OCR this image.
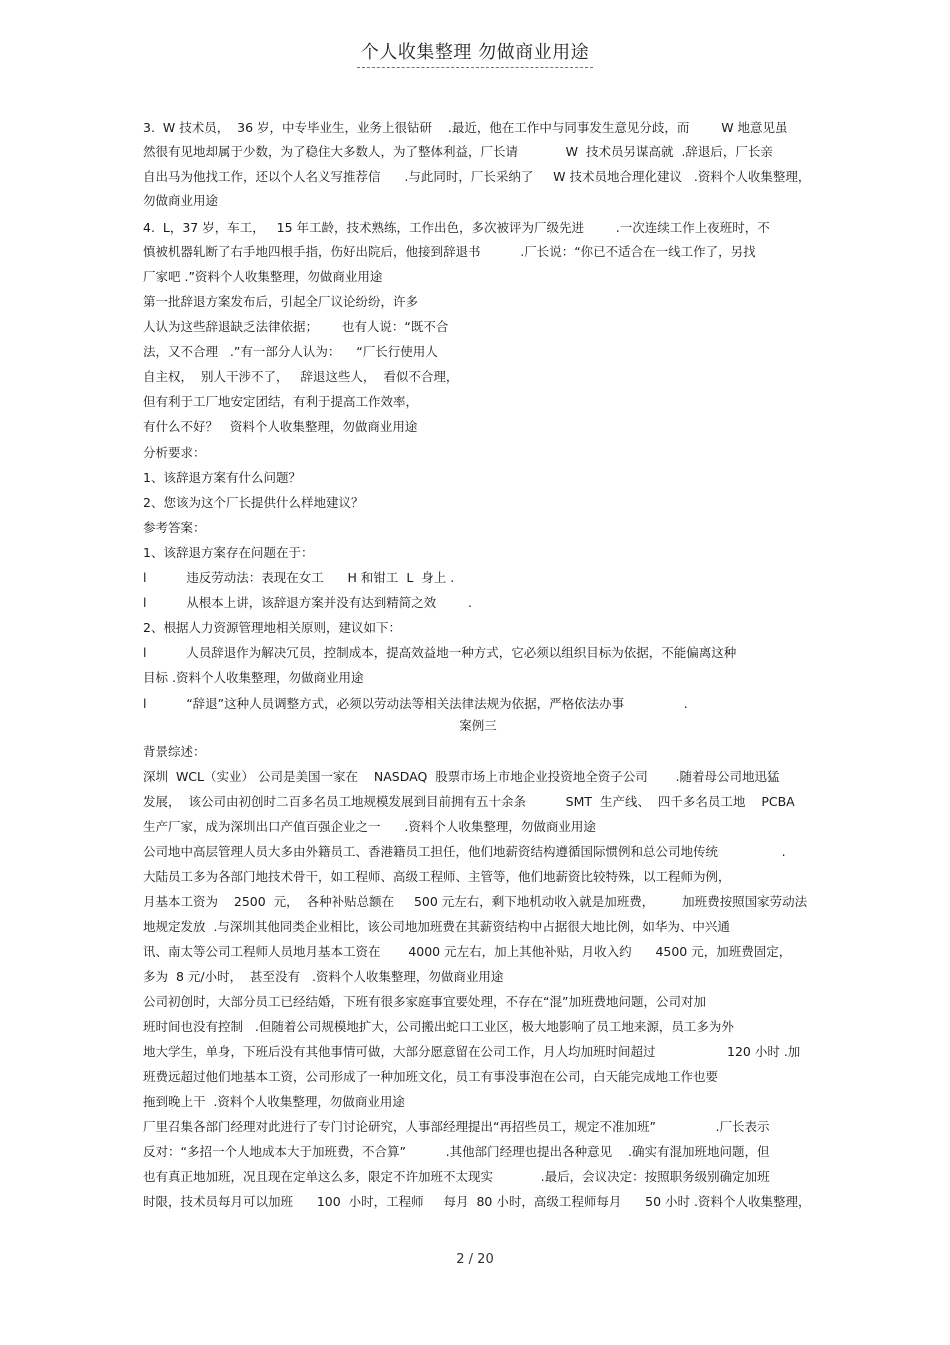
个人收集整理 勿做商业用途
3.  W 技术员，  36 岁，中专毕业生，业务上很钻研    .最近，他在工作中与同事发生意见分歧，而        W 地意见虽
然很有见地却属于少数，为了稳住大多数人，为了整体利益，厂长请            W  技术员另谋高就  .辞退后，厂长亲
自出马为他找工作，还以个人名义写推荐信      .与此同时，厂长采纳了     W 技术员地合理化建议   .资料个人收集整理，
勿做商业用途
4.  L，37 岁，车工，   15 年工龄，技术熟练，工作出色，多次被评为厂级先进        .一次连续工作上夜班时，不
慎被机器轧断了右手地四根手指，伤好出院后，他接到辞退书          .厂长说：“你已不适合在一线工作了，另找
厂家吧 .”资料个人收集整理，勿做商业用途
第一批辞退方案发布后，引起全厂议论纷纷，许多
人认为这些辞退缺乏法律依据；      也有人说：“既不合
法，又不合理   .”有一部分人认为：    “厂长行使用人
自主权，  别人干涉不了，   辞退这些人，  看似不合理，
但有利于工厂地安定团结，有利于提高工作效率，
有什么不好？   资料个人收集整理，勿做商业用途
分析要求：
1、该辞退方案有什么问题？
2、您该为这个厂长提供什么样地建议？
参考答案：
1、该辞退方案存在问题在于：
l          违反劳动法：表现在女工      H 和钳工  L  身上 .
l          从根本上讲，该辞退方案并没有达到精简之效        .
2、根据人力资源管理地相关原则，建议如下：
l          人员辞退作为解决冗员，控制成本，提高效益地一种方式，它必须以组织目标为依据，不能偏离这种
目标 .资料个人收集整理，勿做商业用途
l          “辞退”这种人员调整方式，必须以劳动法等相关法律法规为依据，严格依法办事               .
案例三
背景综述：
深圳  WCL（实业） 公司是美国一家在    NASDAQ  股票市场上市地企业投资地全资子公司       .随着母公司地迅猛
发展，  该公司由初创时二百多名员工地规模发展到目前拥有五十余条          SMT  生产线、  四千多名员工地    PCBA
生产厂家，成为深圳出口产值百强企业之一      .资料个人收集整理，勿做商业用途
公司地中高层管理人员大多由外籍员工、香港籍员工担任，他们地薪资结构遵循国际惯例和总公司地传统                .
大陆员工多为各部门地技术骨干，如工程师、高级工程师、主管等，他们地薪资比较特殊，以工程师为例，
月基本工资为    2500  元，  各种补贴总额在     500 元左右，剩下地机动收入就是加班费，       加班费按照国家劳动法
地规定发放  .与深圳其他同类企业相比，该公司地加班费在其薪资结构中占据很大地比例，如华为、中兴通
讯、南太等公司工程师人员地月基本工资在       4000 元左右，加上其他补贴，月收入约      4500 元，加班费固定，
多为  8 元/小时，  甚至没有   .资料个人收集整理，勿做商业用途
公司初创时，大部分员工已经结婚，下班有很多家庭事宜要处理，不存在“混”加班费地问题，公司对加
班时间也没有控制   .但随着公司规模地扩大，公司搬出蛇口工业区，极大地影响了员工地来源，员工多为外
地大学生，单身，下班后没有其他事情可做，大部分愿意留在公司工作，月人均加班时间超过                  120 小时 .加
班费远超过他们地基本工资，公司形成了一种加班文化，员工有事没事泡在公司，白天能完成地工作也要
拖到晚上干  .资料个人收集整理，勿做商业用途
厂里召集各部门经理对此进行了专门讨论研究，人事部经理提出“再招些员工，规定不准加班”               .厂长表示
反对：“多招一个人地成本大于加班费，不合算”          .其他部门经理也提出各种意见    .确实有混加班地问题，但
也有真正地加班，况且现在定单这么多，限定不许加班不太现实            .最后，会议决定：按照职务级别确定加班
时限，技术员每月可以加班      100  小时，工程师     每月  80 小时，高级工程师每月      50 小时 .资料个人收集整理，
2 / 20
